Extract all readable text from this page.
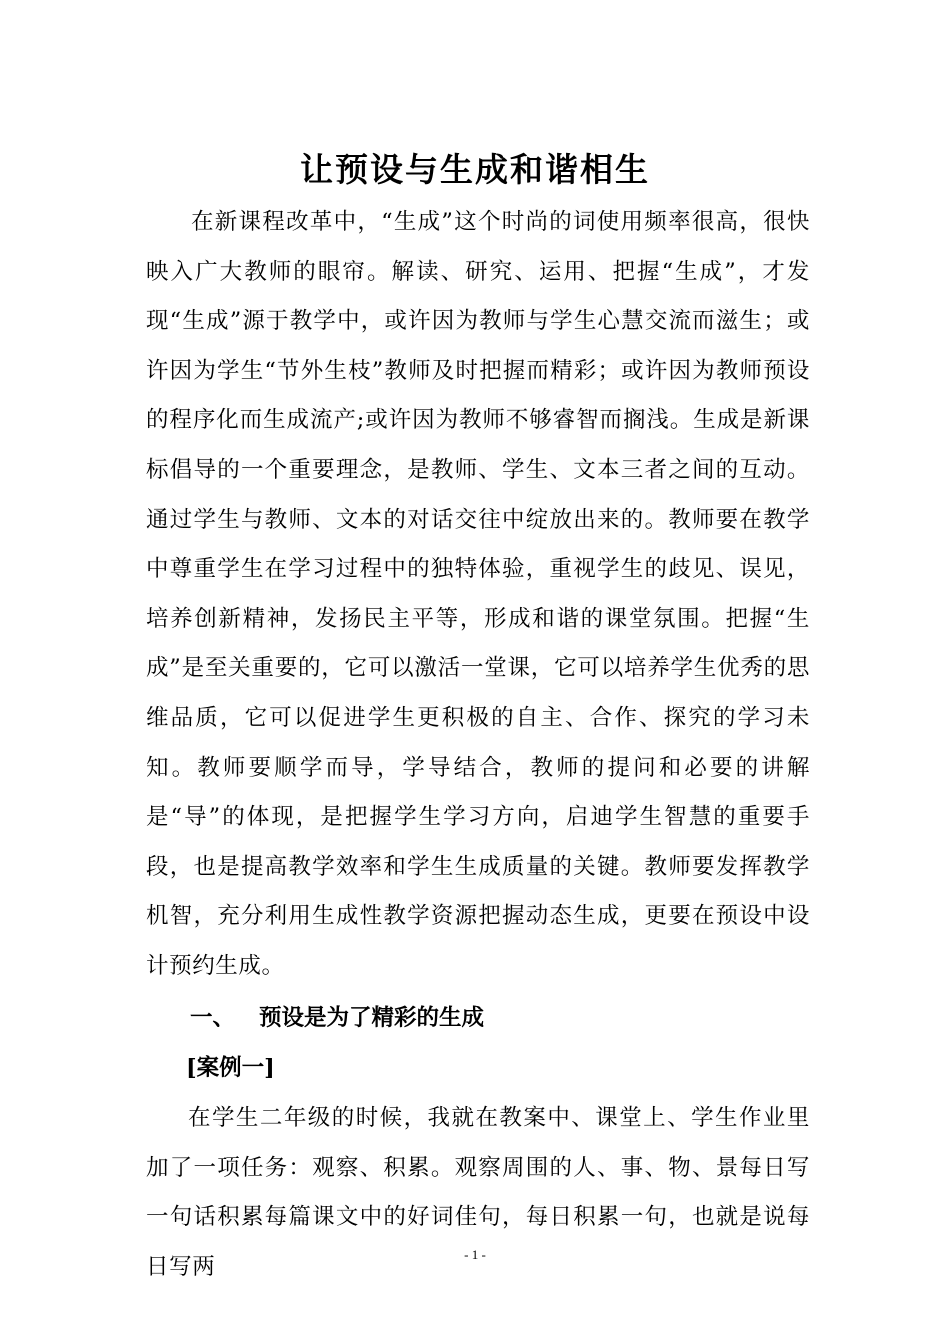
让预设与生成和谐相生

在新课程改革中，“生成”这个时尚的词使用频率很高，很快映入广大教师的眼帘。解读、研究、运用、把握“生成”，才发现“生成”源于教学中，或许因为教师与学生心慧交流而滋生；或许因为学生“节外生枝”教师及时把握而精彩；或许因为教师预设的程序化而生成流产;或许因为教师不够睿智而搁浅。生成是新课标倡导的一个重要理念，是教师、学生、文本三者之间的互动。通过学生与教师、文本的对话交往中绽放出来的。教师要在教学中尊重学生在学习过程中的独特体验，重视学生的歧见、误见，培养创新精神，发扬民主平等，形成和谐的课堂氛围。把握“生成”是至关重要的，它可以激活一堂课，它可以培养学生优秀的思维品质，它可以促进学生更积极的自主、合作、探究的学习未知。教师要顺学而导，学导结合，教师的提问和必要的讲解是“导”的体现，是把握学生学习方向，启迪学生智慧的重要手段，也是提高教学效率和学生生成质量的关键。教师要发挥教学机智，充分利用生成性教学资源把握动态生成，更要在预设中设计预约生成。

一、 预设是为了精彩的生成
[案例一]

在学生二年级的时候，我就在教案中、课堂上、学生作业里加了一项任务：观察、积累。观察周围的人、事、物、景每日写一句话积累每篇课文中的好词佳句，每日积累一句，也就是说每日写两	- 1 -
